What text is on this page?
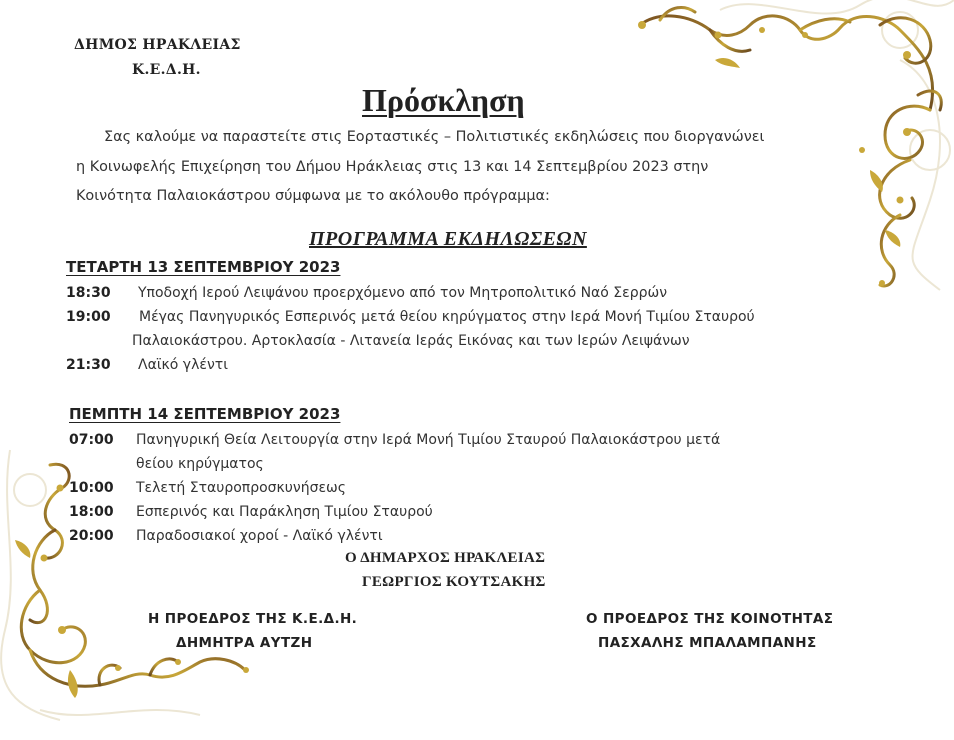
ΔΗΜΟΣ ΗΡΑΚΛΕΙΑΣ
Κ.Ε.Δ.Η.
Πρόσκληση
Σας καλούμε να παραστείτε στις Εορταστικές – Πολιτιστικές εκδηλώσεις που διοργανώνει
η Κοινωφελής Επιχείρηση του Δήμου Ηράκλειας στις 13 και 14 Σεπτεμβρίου 2023 στην
Κοινότητα Παλαιοκάστρου σύμφωνα με το ακόλουθο πρόγραμμα:
ΠΡΟΓΡΑΜΜΑ ΕΚΔΗΛΩΣΕΩΝ
ΤΕΤΑΡΤΗ 13 ΣΕΠΤΕΜΒΡΙΟΥ 2023
18:30 Υποδοχή Ιερού Λειψάνου προερχόμενο από τον Μητροπολιτικό Ναό Σερρών
19:00 Μέγας Πανηγυρικός Εσπερινός μετά θείου κηρύγματος στην Ιερά Μονή Τιμίου Σταυρού
Παλαιοκάστρου. Αρτοκλασία - Λιτανεία Ιεράς Εικόνας και των Ιερών Λειψάνων
21:30 Λαϊκό γλέντι
ΠΕΜΠΤΗ 14 ΣΕΠΤΕΜΒΡΙΟΥ 2023
07:00 Πανηγυρική Θεία Λειτουργία στην Ιερά Μονή Τιμίου Σταυρού Παλαιοκάστρου μετά
θείου κηρύγματος
10:00 Τελετή Σταυροπροσκυνήσεως
18:00 Εσπερινός και Παράκληση Τιμίου Σταυρού
20:00 Παραδοσιακοί χοροί - Λαϊκό γλέντι
Ο ΔΗΜΑΡΧΟΣ ΗΡΑΚΛΕΙΑΣ
ΓΕΩΡΓΙΟΣ ΚΟΥΤΣΑΚΗΣ
Η ΠΡΟΕΔΡΟΣ ΤΗΣ Κ.Ε.Δ.Η.
ΔΗΜΗΤΡΑ ΑΥΤΖΗ
Ο ΠΡΟΕΔΡΟΣ ΤΗΣ ΚΟΙΝΟΤΗΤΑΣ
ΠΑΣΧΑΛΗΣ ΜΠΑΛΑΜΠΑΝΗΣ
